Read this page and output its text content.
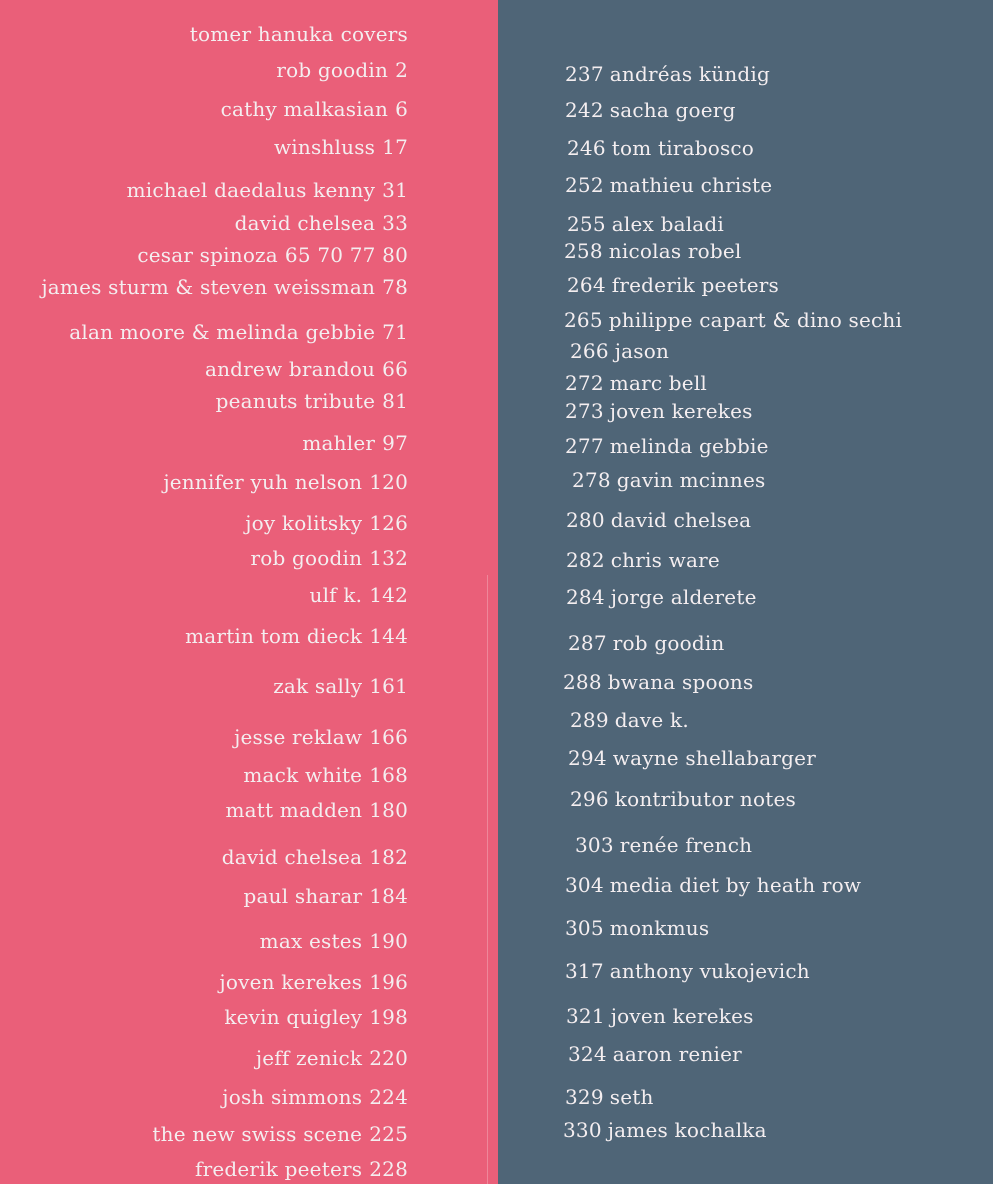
tomer hanuka covers
rob goodin 2
cathy malkasian 6
winshluss 17
michael daedalus kenny 31
david chelsea 33
cesar spinoza 65 70 77 80
james sturm & steven weissman 78
alan moore & melinda gebbie 71
andrew brandou 66
peanuts tribute 81
mahler 97
jennifer yuh nelson 120
joy kolitsky 126
rob goodin 132
ulf k. 142
martin tom dieck 144
zak sally 161
jesse reklaw 166
mack white 168
matt madden 180
david chelsea 182
paul sharar 184
max estes 190
joven kerekes 196
kevin quigley 198
jeff zenick 220
josh simmons 224
the new swiss scene 225
frederik peeters 228
237 andréas kündig
242 sacha goerg
246 tom tirabosco
252 mathieu christe
255 alex baladi
258 nicolas robel
264 frederik peeters
265 philippe capart & dino sechi
266 jason
272 marc bell
273 joven kerekes
277 melinda gebbie
278 gavin mcinnes
280 david chelsea
282 chris ware
284 jorge alderete
287 rob goodin
288 bwana spoons
289 dave k.
294 wayne shellabarger
296 kontributor notes
303 renée french
304 media diet by heath row
305 monkmus
317 anthony vukojevich
321 joven kerekes
324 aaron renier
329 seth
330 james kochalka
